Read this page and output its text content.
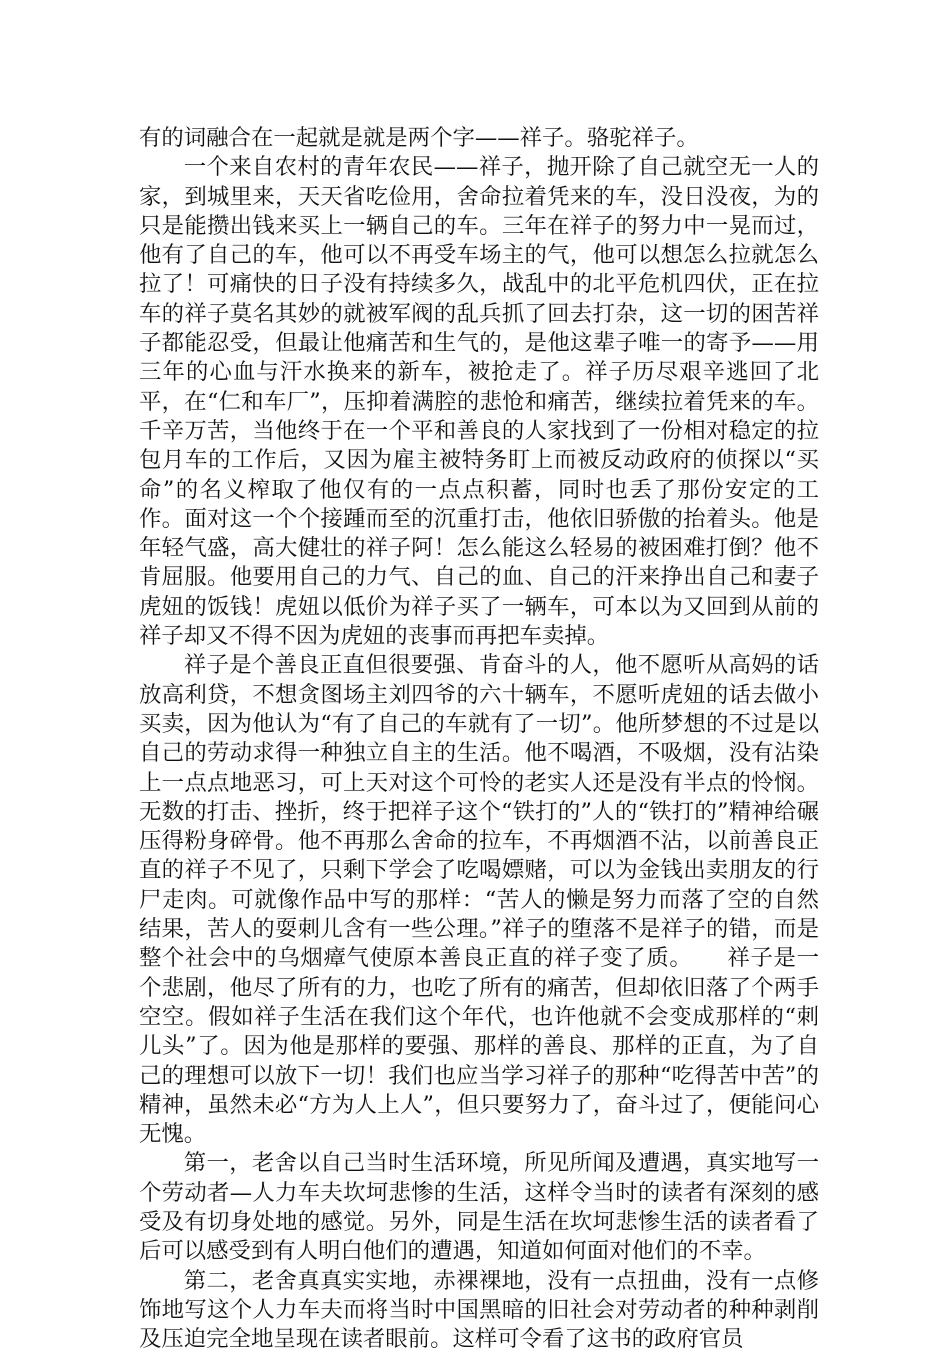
有的词融合在一起就是就是两个字——祥子。骆驼祥子。

一个来自农村的青年农民——祥子，抛开除了自己就空无一人的家，到城里来，天天省吃俭用，舍命拉着凭来的车，没日没夜，为的只是能攒出钱来买上一辆自己的车。三年在祥子的努力中一晃而过，他有了自己的车，他可以不再受车场主的气，他可以想怎么拉就怎么拉了！可痛快的日子没有持续多久，战乱中的北平危机四伏，正在拉车的祥子莫名其妙的就被军阀的乱兵抓了回去打杂，这一切的困苦祥子都能忍受，但最让他痛苦和生气的，是他这辈子唯一的寄予——用三年的心血与汗水换来的新车，被抢走了。祥子历尽艰辛逃回了北平，在“仁和车厂”，压抑着满腔的悲怆和痛苦，继续拉着凭来的车。千辛万苦，当他终于在一个平和善良的人家找到了一份相对稳定的拉包月车的工作后，又因为雇主被特务盯上而被反动政府的侦探以“买命”的名义榨取了他仅有的一点点积蓄，同时也丢了那份安定的工作。面对这一个个接踵而至的沉重打击，他依旧骄傲的抬着头。他是年轻气盛，高大健壮的祥子阿！怎么能这么轻易的被困难打倒？他不肯屈服。他要用自己的力气、自己的血、自己的汗来挣出自己和妻子虎妞的饭钱！虎妞以低价为祥子买了一辆车，可本以为又回到从前的祥子却又不得不因为虎妞的丧事而再把车卖掉。

祥子是个善良正直但很要强、肯奋斗的人，他不愿听从高妈的话放高利贷，不想贪图场主刘四爷的六十辆车，不愿听虎妞的话去做小买卖，因为他认为“有了自己的车就有了一切”。他所梦想的不过是以自己的劳动求得一种独立自主的生活。他不喝酒，不吸烟，没有沾染上一点点地恶习，可上天对这个可怜的老实人还是没有半点的怜悯。无数的打击、挫折，终于把祥子这个“铁打的”人的“铁打的”精神给碾压得粉身碎骨。他不再那么舍命的拉车，不再烟酒不沾，以前善良正直的祥子不见了，只剩下学会了吃喝嫖赌，可以为金钱出卖朋友的行尸走肉。可就像作品中写的那样：“苦人的懒是努力而落了空的自然结果，苦人的耍刺儿含有一些公理。”祥子的堕落不是祥子的错，而是整个社会中的乌烟瘴气使原本善良正直的祥子变了质。　　祥子是一个悲剧，他尽了所有的力，也吃了所有的痛苦，但却依旧落了个两手空空。假如祥子生活在我们这个年代，也许他就不会变成那样的“刺儿头”了。因为他是那样的要强、那样的善良、那样的正直，为了自己的理想可以放下一切！我们也应当学习祥子的那种“吃得苦中苦”的精神，虽然未必“方为人上人”，但只要努力了，奋斗过了，便能问心无愧。

第一，老舍以自己当时生活环境，所见所闻及遭遇，真实地写一个劳动者—人力车夫坎坷悲惨的生活，这样令当时的读者有深刻的感受及有切身处地的感觉。另外，同是生活在坎坷悲惨生活的读者看了后可以感受到有人明白他们的遭遇，知道如何面对他们的不幸。

第二，老舍真真实实地，赤裸裸地，没有一点扭曲，没有一点修饰地写这个人力车夫而将当时中国黑暗的旧社会对劳动者的种种剥削及压迫完全地呈现在读者眼前。这样可令看了这书的政府官员
